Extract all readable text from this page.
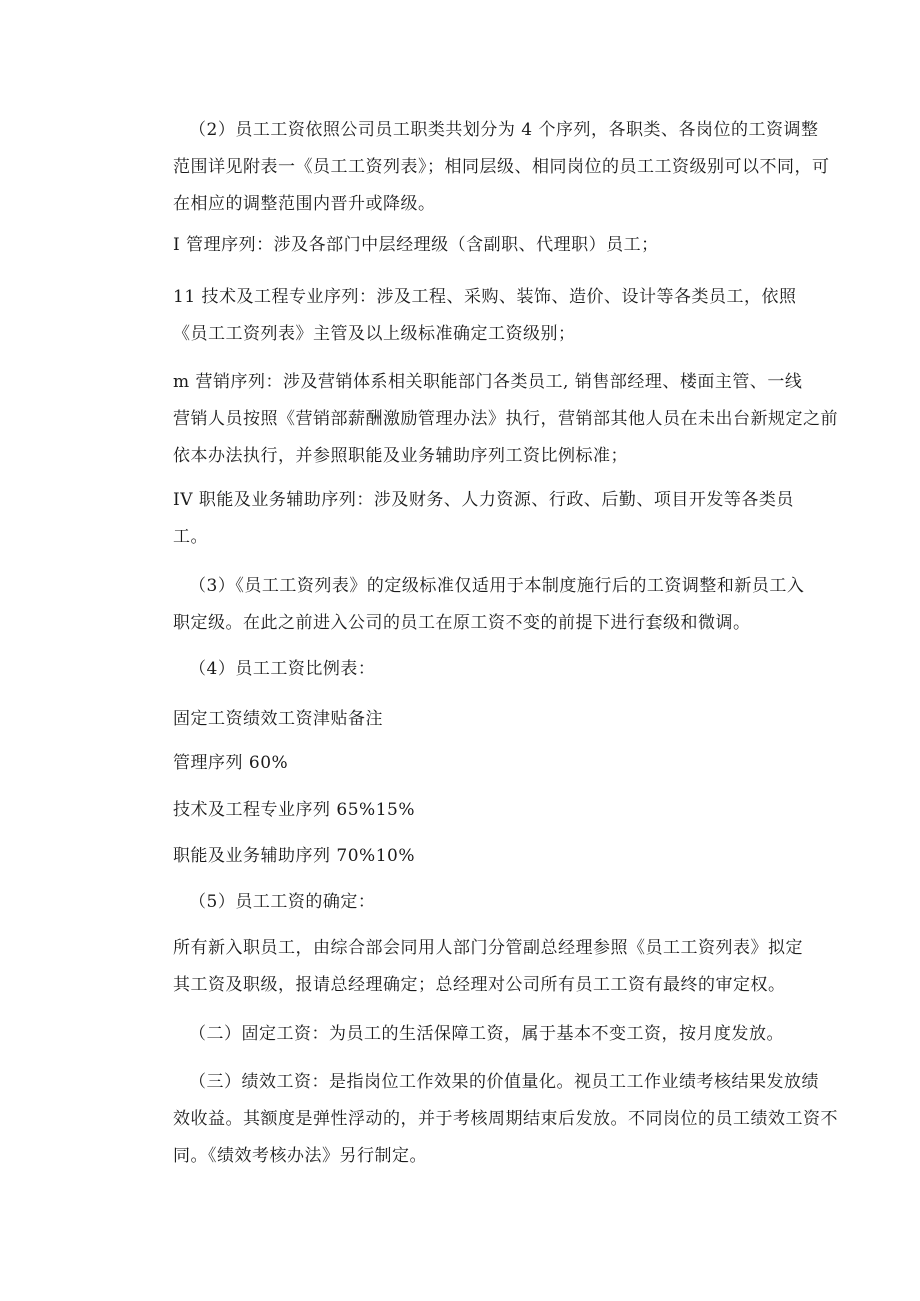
（2）员工工资依照公司员工职类共划分为 4 个序列，各职类、各岗位的工资调整
范围详见附表一《员工工资列表》；相同层级、相同岗位的员工工资级别可以不同，可
在相应的调整范围内晋升或降级。

I 管理序列：涉及各部门中层经理级（含副职、代理职）员工；

11 技术及工程专业序列：涉及工程、采购、装饰、造价、设计等各类员工，依照
《员工工资列表》主管及以上级标准确定工资级别；

m 营销序列：涉及营销体系相关职能部门各类员工, 销售部经理、楼面主管、一线
营销人员按照《营销部薪酬激励管理办法》执行，营销部其他人员在未出台新规定之前
依本办法执行，并参照职能及业务辅助序列工资比例标准；

IV 职能及业务辅助序列：涉及财务、人力资源、行政、后勤、项目开发等各类员
工。

（3）《员工工资列表》的定级标准仅适用于本制度施行后的工资调整和新员工入
职定级。在此之前进入公司的员工在原工资不变的前提下进行套级和微调。

（4）员工工资比例表：

固定工资绩效工资津贴备注

管理序列 60%

技术及工程专业序列 65%15%

职能及业务辅助序列 70%10%

（5）员工工资的确定：

所有新入职员工，由综合部会同用人部门分管副总经理参照《员工工资列表》拟定
其工资及职级，报请总经理确定；总经理对公司所有员工工资有最终的审定权。

（二）固定工资：为员工的生活保障工资，属于基本不变工资，按月度发放。

（三）绩效工资：是指岗位工作效果的价值量化。视员工工作业绩考核结果发放绩
效收益。其额度是弹性浮动的，并于考核周期结束后发放。不同岗位的员工绩效工资不
同。《绩效考核办法》另行制定。
